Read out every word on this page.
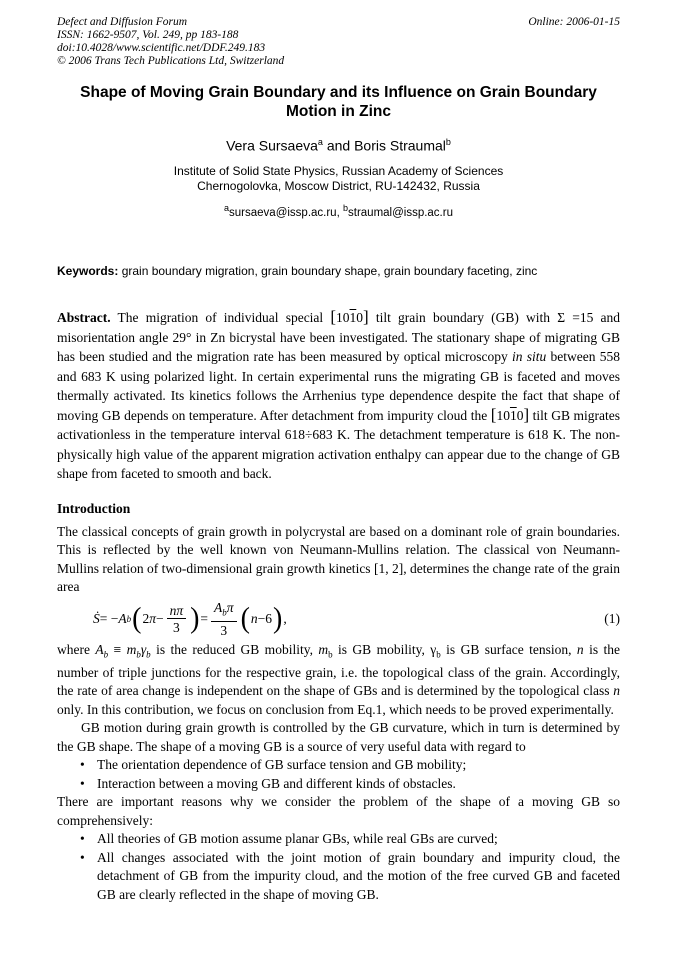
Defect and Diffusion Forum
ISSN: 1662-9507, Vol. 249, pp 183-188
doi:10.4028/www.scientific.net/DDF.249.183
© 2006 Trans Tech Publications Ltd, Switzerland
Online: 2006-01-15
Shape of Moving Grain Boundary and its Influence on Grain Boundary Motion in Zinc
Vera Sursaeva$^a$ and Boris Straumal$^b$
Institute of Solid State Physics, Russian Academy of Sciences
Chernogolovka, Moscow District, RU-142432, Russia
$^a$sursaeva@issp.ac.ru, $^b$straumal@issp.ac.ru
Keywords: grain boundary migration, grain boundary shape, grain boundary faceting, zinc

Abstract. The migration of individual special [1010] tilt grain boundary (GB) with Σ =15 and misorientation angle 29° in Zn bicrystal have been investigated. The stationary shape of migrating GB has been studied and the migration rate has been measured by optical microscopy in situ between 558 and 683 K using polarized light. In certain experimental runs the migrating GB is faceted and moves thermally activated. Its kinetics follows the Arrhenius type dependence despite the fact that shape of moving GB depends on temperature. After detachment from impurity cloud the [1010] tilt GB migrates activationless in the temperature interval 618÷683 K. The detachment temperature is 618 K. The non-physically high value of the apparent migration activation enthalpy can appear due to the change of GB shape from faceted to smooth and back.

Introduction

The classical concepts of grain growth in polycrystal are based on a dominant role of grain boundaries. This is reflected by the well known von Neumann-Mullins relation. The classical von Neumann-Mullins relation of two-dimensional grain growth kinetics [1, 2], determines the change rate of the grain area

Ṡ = − A b ( 2 $\pi - \frac{n\pi}{3}$ ) = $\frac{A_b\pi}{3}$ ( n −6 ) ,	(1)

where $A_b \equiv m_b\gamma_b$ is the reduced GB mobility, $m_b$ is GB mobility, $\gamma_b$ is GB surface tension, n is the number of triple junctions for the respective grain, i.e. the topological class of the grain. Accordingly, the rate of area change is independent on the shape of GBs and is determined by the topological class n only. In this contribution, we focus on conclusion from Eq.1, which needs to be proved experimentally.

GB motion during grain growth is controlled by the GB curvature, which in turn is determined by the GB shape. The shape of a moving GB is a source of very useful data with regard to

• The orientation dependence of GB surface tension and GB mobility;

• Interaction between a moving GB and different kinds of obstacles.

There are important reasons why we consider the problem of the shape of a moving GB so comprehensively:

• All theories of GB motion assume planar GBs, while real GBs are curved;

• All changes associated with the joint motion of grain boundary and impurity cloud, the detachment of GB from the impurity cloud, and the motion of the free curved GB and faceted GB are clearly reflected in the shape of moving GB.
